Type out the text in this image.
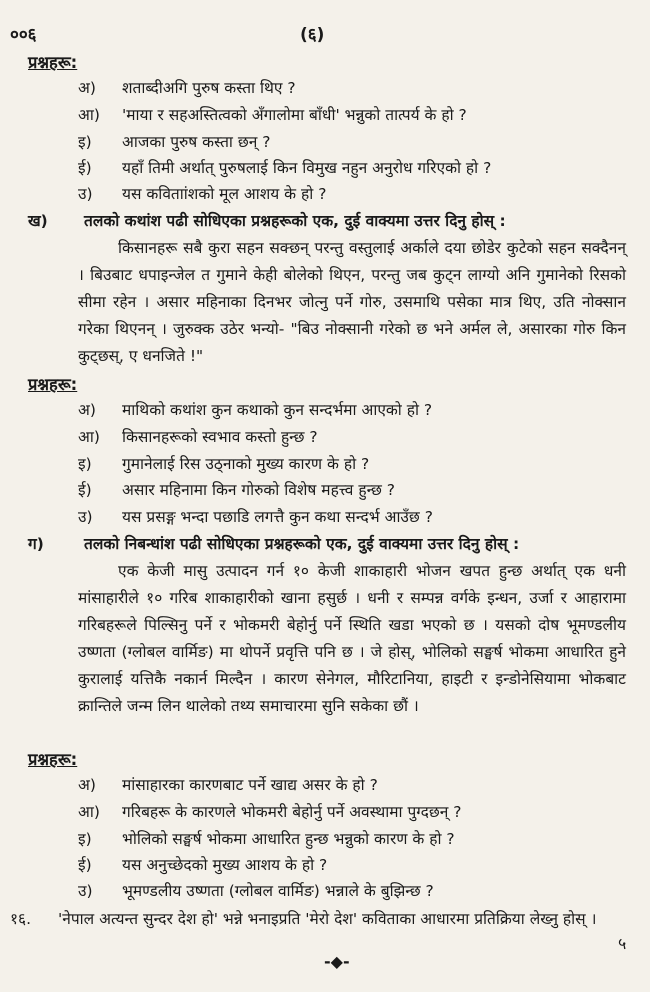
००६	(६)
प्रश्नहरू:
अ) शताब्दीअगि पुरुष कस्ता थिए ?
आ) 'माया र सहअस्तित्वको अँगालोमा बाँधी' भन्नुको तात्पर्य के हो ?
इ) आजका पुरुष कस्ता छन् ?
ई) यहाँ तिमी अर्थात् पुरुषलाई किन विमुख नहुन अनुरोध गरिएको हो ?
उ) यस कविताांशको मूल आशय के हो ?
ख) तलको कथांश पढी सोधिएका प्रश्नहरूको एक, दुई वाक्यमा उत्तर दिनु होस् :
किसानहरू सबै कुरा सहन सक्छन् परन्तु वस्तुलाई अर्काले दया छोडेर कुटेको सहन सक्दैनन् । बिउबाट धपाइन्जेल त गुमाने केही बोलेको थिएन, परन्तु जब कुट्न लाग्यो अनि गुमानेको रिसको सीमा रहेन । असार महिनाका दिनभर जोत्नु पर्ने गोरु, उसमाथि पसेका मात्र थिए, उति नोक्सान गरेका थिएनन् । जुरुक्क उठेर भन्यो- "बिउ नोक्सानी गरेको छ भने अर्मल ले, असारका गोरु किन कुट्छस्, ए धनजिते !"
प्रश्नहरू:
अ) माथिको कथांश कुन कथाको कुन सन्दर्भमा आएको हो ?
आ) किसानहरूको स्वभाव कस्तो हुन्छ ?
इ) गुमानेलाई रिस उठ्नाको मुख्य कारण के हो ?
ई) असार महिनामा किन गोरुको विशेष महत्त्व हुन्छ ?
उ) यस प्रसङ्ग भन्दा पछाडि लगत्तै कुन कथा सन्दर्भ आउँछ ?
ग)	तलको निबन्धांश पढी सोधिएका प्रश्नहरूको एक, दुई वाक्यमा उत्तर दिनु होस् :
एक केजी मासु उत्पादन गर्न १० केजी शाकाहारी भोजन खपत हुन्छ अर्थात् एक धनी मांसाहारीले १० गरिब शाकाहारीको खाना हसुर्छ । धनी र सम्पन्न वर्गके इन्धन, उर्जा र आहारामा गरिबहरूले पिल्सिनु पर्ने र भोकमरी बेहोर्नु पर्ने स्थिति खडा भएको छ । यसको दोष भूमण्डलीय उष्णता (ग्लोबल वार्मिङ) मा थोपर्ने प्रवृत्ति पनि छ । जे होस्, भोलिको सङ्घर्ष भोकमा आधारित हुने कुरालाई यत्तिकै नकार्न मिल्दैन । कारण सेनेगल, मौरिटानिया, हाइटी र इन्डोनेसियामा भोकबाट क्रान्तिले जन्म लिन थालेको तथ्य समाचारमा सुनि सकेका छौं ।
प्रश्नहरू:
अ) मांसाहारका कारणबाट पर्ने खाद्य असर के हो ?
आ) गरिबहरू के कारणले भोकमरी बेहोर्नु पर्ने अवस्थामा पुग्दछन् ?
इ) भोलिको सङ्घर्ष भोकमा आधारित हुन्छ भन्नुको कारण के हो ?
ई) यस अनुच्छेदको मुख्य आशय के हो ?
उ) भूमण्डलीय उष्णता (ग्लोबल वार्मिङ) भन्नाले के बुझिन्छ ?
१६. 'नेपाल अत्यन्त सुन्दर देश हो' भन्ने भनाइप्रति 'मेरो देश' कविताका आधारमा प्रतिक्रिया लेख्नु होस् ।
५
-◆-
